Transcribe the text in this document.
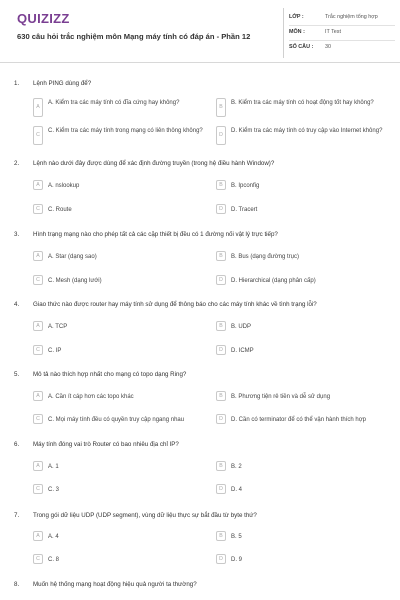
QUIZIZZ
630 câu hỏi trắc nghiệm môn Mạng máy tính có đáp án - Phần 12
LỚP :	Trắc nghiệm tổng hợp
MÔN :	IT Test
SỐ CÂU : 30
1. Lệnh PING dùng để?
A
A. Kiểm tra các máy tính có đĩa cứng hay không?
B
B. Kiểm tra các máy tính có hoạt động tốt hay không?
C
C. Kiểm tra các máy tính trong mạng có liên thông không?
D
D. Kiểm tra các máy tính có truy cập vào Internet không?
2. Lệnh nào dưới đây được dùng để xác định đường truyền (trong hệ điều hành Window)?
A	A. nslookup	B	B. Ipconfig
C	C. Route	D	D. Tracert
3. Hình trạng mạng nào cho phép tất cả các cặp thiết bị đều có 1 đường nối vật lý trực tiếp?
A	A. Star (dạng sao)	B	B. Bus (dạng đường trục)
C	C. Mesh (dạng lưới)	D	D. Hierarchical (dạng phân cấp)
4. Giao thức nào được router hay máy tính sử dụng để thông báo cho các máy tính khác về tình trạng lỗi?
A	A. TCP	B	B. UDP
C	C. IP	D	D. ICMP
5. Mô tả nào thích hợp nhất cho mạng có topo dạng Ring?
A	A. Cần ít cáp hơn các topo khác	B	B. Phương tiện rẻ tiền và dễ sử dụng
C	C. Mọi máy tính đều có quyền truy cập ngang nhau	D	D. Cần có terminator để có thể vận hành thích hợp
6. Máy tính đóng vai trò Router có bao nhiêu địa chỉ IP?
A	A. 1	B	B. 2
C	C. 3	D	D. 4
7. Trong gói dữ liệu UDP (UDP segment), vùng dữ liệu thực sự bắt đầu từ byte thứ?
A	A. 4	B	B. 5
C	C. 8	D	D. 9
8. Muốn hệ thống mạng hoạt động hiệu quả người ta thường?
